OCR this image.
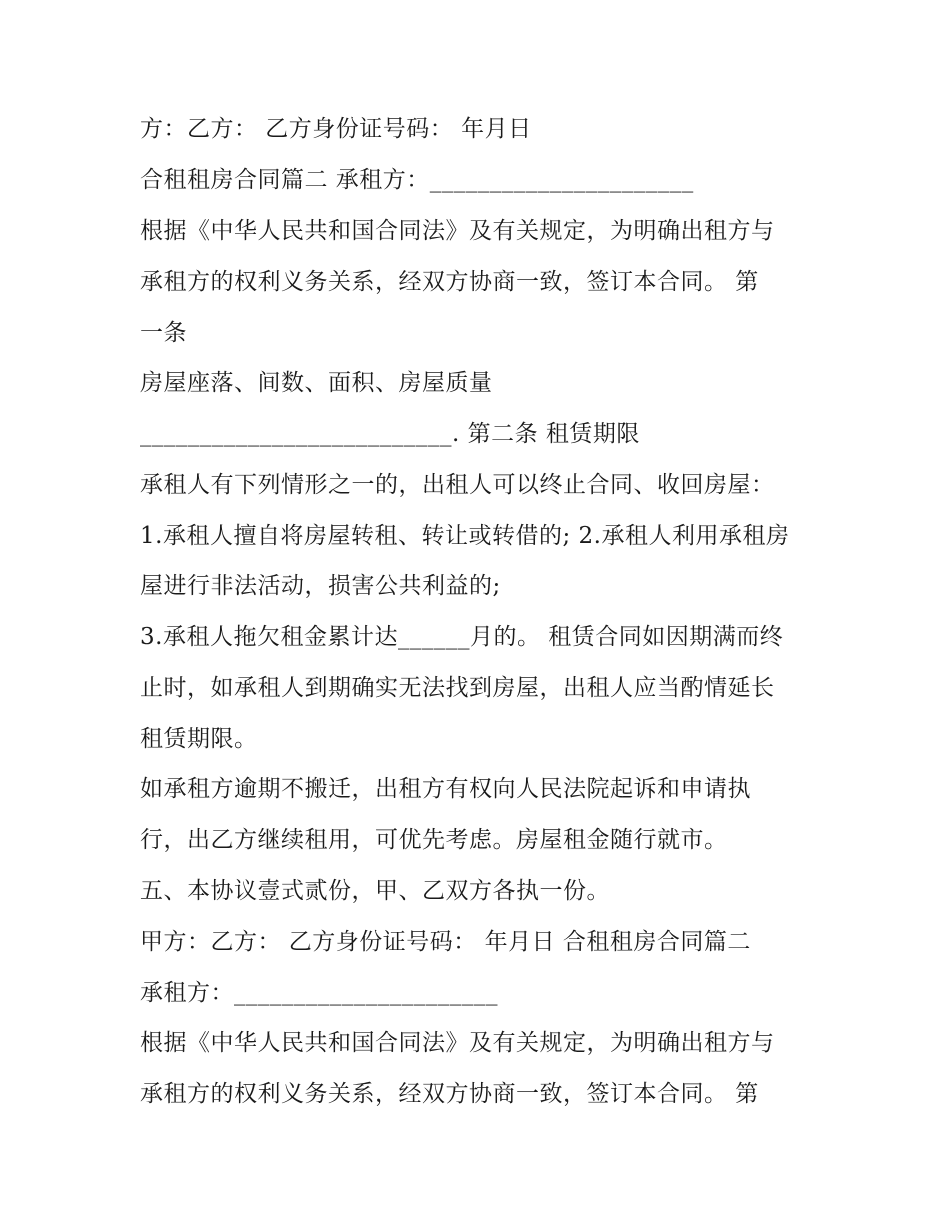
方：乙方： 乙方身份证号码： 年月日
合租租房合同篇二 承租方：______________________
根据《中华人民共和国合同法》及有关规定，为明确出租方与
承租方的权利义务关系，经双方协商一致，签订本合同。 第
一条
房屋座落、间数、面积、房屋质量
__________________________. 第二条 租赁期限
承租人有下列情形之一的，出租人可以终止合同、收回房屋：
1.承租人擅自将房屋转租、转让或转借的; 2.承租人利用承租房
屋进行非法活动，损害公共利益的;
3.承租人拖欠租金累计达______月的。 租赁合同如因期满而终
止时，如承租人到期确实无法找到房屋，出租人应当酌情延长
租赁期限。
如承租方逾期不搬迁，出租方有权向人民法院起诉和申请执
行，出乙方继续租用，可优先考虑。房屋租金随行就市。
五、本协议壹式贰份，甲、乙双方各执一份。
甲方：乙方： 乙方身份证号码： 年月日 合租租房合同篇二
承租方：______________________
根据《中华人民共和国合同法》及有关规定，为明确出租方与
承租方的权利义务关系，经双方协商一致，签订本合同。 第
